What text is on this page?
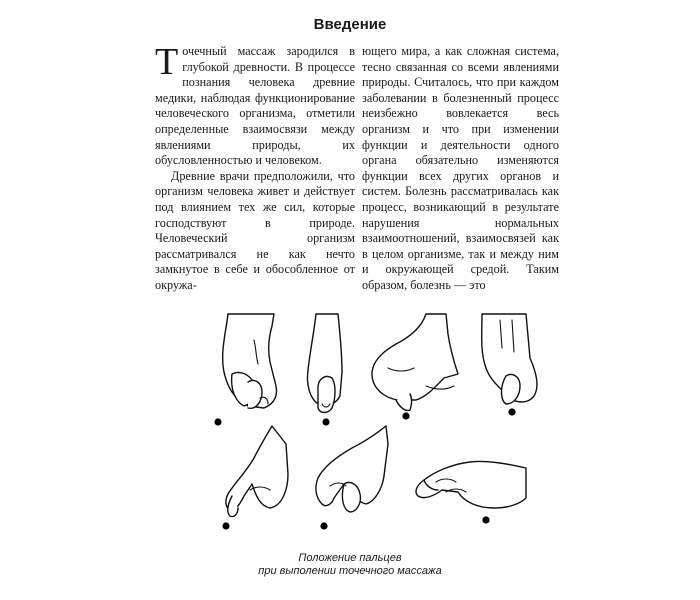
Введение

Точечный массаж зародился в глубокой древности. В процессе познания человека древние медики, наблюдая функционирование человеческого организма, отметили определенные взаимосвязи между явлениями природы, их обусловленностью и человеком.

Древние врачи предположили, что организм человека живет и действует под влиянием тех же сил, которые господствуют в природе. Человеческий организм рассматривался не как нечто замкнутое в себе и обособленное от окружа-

ющего мира, а как сложная система, тесно связанная со всеми явлениями природы. Считалось, что при каждом заболевании в болезненный процесс неизбежно вовлекается весь организм и что при изменении функции и деятельности одного органа обязательно изменяются функции всех других органов и систем. Болезнь рассматривалась как процесс, возникающий в результате нарушения нормальных взаимоотношений, взаимосвязей как в целом организме, так и между ним и окружающей средой. Таким образом, болезнь — это

Положение пальцев
при выполении точечного массажа
